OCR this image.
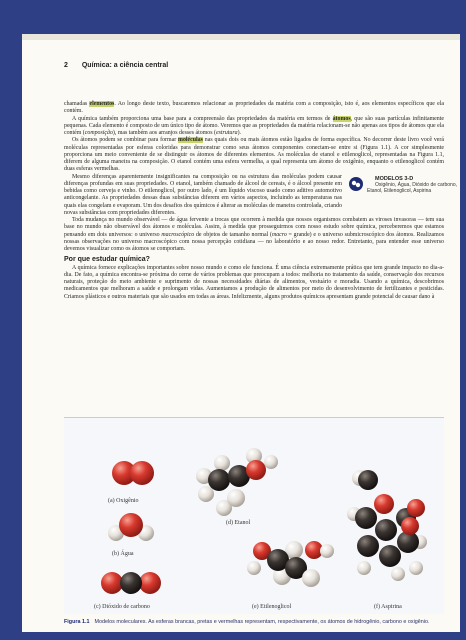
2 Química: a ciência central

chamadas elementos. Ao longo deste texto, buscaremos relacionar as propriedades da matéria com a composição, isto é, aos elementos específicos que ela contém.

A química também proporciona uma base para a compreensão das propriedades da matéria em termos de átomos, que são suas partículas infinitamente pequenas. Cada elemento é composto de um único tipo de átomo. Veremos que as propriedades da matéria relacionam-se não apenas aos tipos de átomos que ela contém (composição), mas também aos arranjos desses átomos (estrutura).

Os átomos podem se combinar para formar moléculas nas quais dois ou mais átomos estão ligados de forma específica. No decorrer deste livro você verá moléculas representadas por esferas coloridas para demonstrar como seus átomos componentes conectam-se entre si (Figura 1.1). A cor simplesmente proporciona um meio conveniente de se distinguir os átomos de diferentes elementos. As moléculas de etanol e etilenoglicol, representadas na Figura 1.1, diferem de alguma maneira na composição. O etanol contém uma esfera vermelha, a qual representa um átomo de oxigênio, enquanto o etilenoglicol contém duas esferas vermelhas.

MODELOS 3-D
Oxigênio, Água, Dióxido de carbono, Etanol, Etilenoglicol, Aspirina
Mesmo diferenças aparentemente insignificantes na composição ou na estrutura das moléculas podem causar diferenças profundas em suas propriedades. O etanol, também chamado de álcool de cereais, é o álcool presente em bebidas como cerveja e vinho. O etilenoglicol, por outro lado, é um líquido viscoso usado como aditivo automotivo anticongelante. As propriedades dessas duas substâncias diferem em vários aspectos, incluindo as temperaturas nas quais elas congelam e evaporam. Um dos desafios dos químicos é alterar as moléculas de maneira controlada, criando novas substâncias com propriedades diferentes.

Toda mudança no mundo observável — de água fervente a trocas que ocorrem à medida que nossos organismos combatem as viroses invasoras — tem sua base no mundo não observável dos átomos e moléculas. Assim, à medida que prosseguirmos com nosso estudo sobre química, perceberemos que estamos pensando em dois universos: o universo macroscópico de objetos de tamanho normal (macro = grande) e o universo submicroscópico dos átomos. Realizamos nossas observações no universo macroscópico com nossa percepção cotidiana — no laboratório e ao nosso redor. Entretanto, para entender esse universo devemos visualizar como os átomos se comportam.

Por que estudar química?

A química fornece explicações importantes sobre nosso mundo e como ele funciona. É uma ciência extremamente prática que tem grande impacto no dia-a-dia. De fato, a química encontra-se próxima do cerne de vários problemas que preocupam a todos: melhoria no tratamento da saúde, conservação dos recursos naturais, proteção do meio ambiente e suprimento de nossas necessidades diárias de alimentos, vestuário e moradia. Usando a química, descobrimos medicamentos que melhoram a saúde e prolongam vidas. Aumentamos a produção de alimentos por meio do desenvolvimento de fertilizantes e pesticidas. Criamos plásticos e outros materiais que são usados em todas as áreas. Infelizmente, alguns produtos químicos apresentam grande potencial de causar dano à

(a) Oxigênio
(b) Água
(c) Dióxido de carbono
(d) Etanol
(e) Etilenoglicol	(f) Aspirina
Figura 1.1 Modelos moleculares. As esferas brancas, pretas e vermelhas representam, respectivamente, os átomos de hidrogênio, carbono e oxigênio.
